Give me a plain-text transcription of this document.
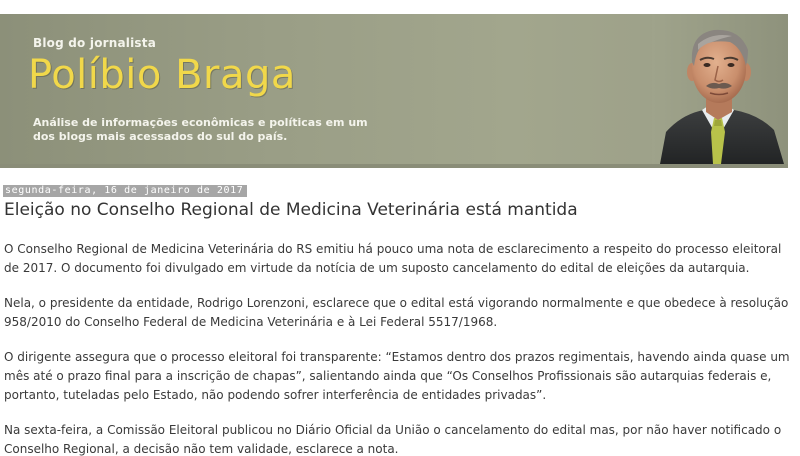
Blog do jornalista
Políbio Braga
Análise de informações econômicas e políticas em um dos blogs mais acessados do sul do país.
segunda-feira, 16 de janeiro de 2017
Eleição no Conselho Regional de Medicina Veterinária está mantida

O Conselho Regional de Medicina Veterinária do RS emitiu há pouco uma nota de esclarecimento a respeito do processo eleitoral de 2017. O documento foi divulgado em virtude da notícia de um suposto cancelamento do edital de eleições da autarquia.

Nela, o presidente da entidade, Rodrigo Lorenzoni, esclarece que o edital está vigorando normalmente e que obedece à resolução 958/2010 do Conselho Federal de Medicina Veterinária e à Lei Federal 5517/1968.

O dirigente assegura que o processo eleitoral foi transparente: “Estamos dentro dos prazos regimentais, havendo ainda quase um mês até o prazo final para a inscrição de chapas”, salientando ainda que “Os Conselhos Profissionais são autarquias federais e, portanto, tuteladas pelo Estado, não podendo sofrer interferência de entidades privadas”.

Na sexta-feira, a Comissão Eleitoral publicou no Diário Oficial da União o cancelamento do edital mas, por não haver notificado o Conselho Regional, a decisão não tem validade, esclarece a nota.
